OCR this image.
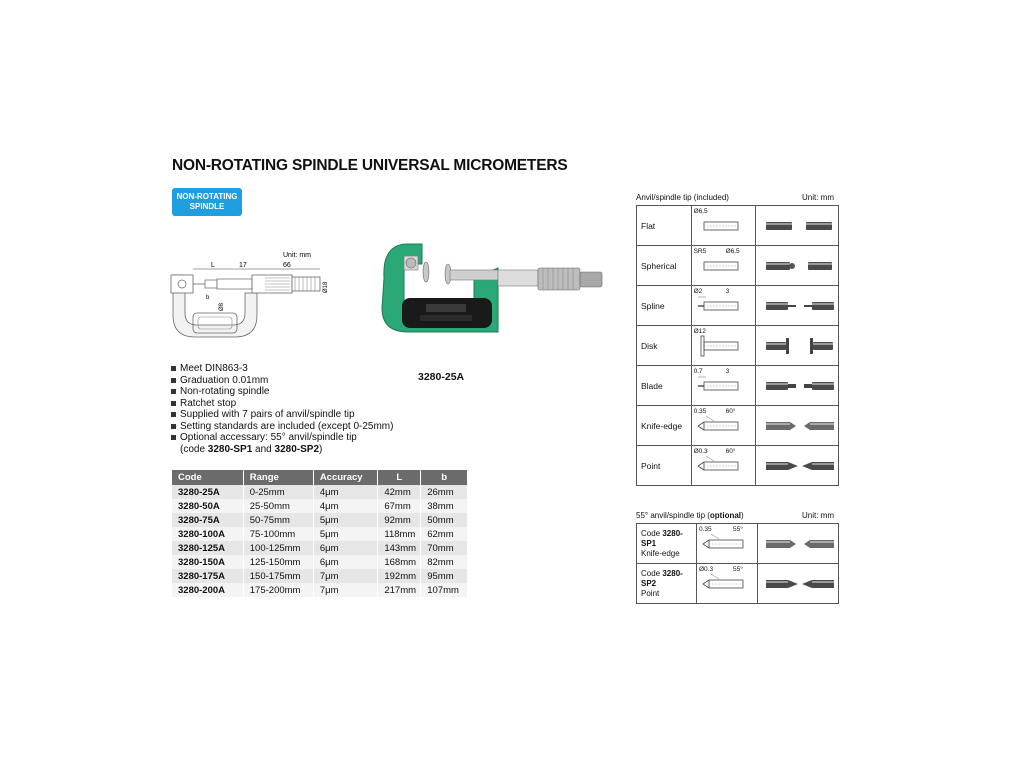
NON-ROTATING SPINDLE UNIVERSAL MICROMETERS
NON-ROTATING
SPINDLE
Unit: mm
L	17	66
Ø8
Ø18
b
3280-25A
Meet DIN863-3
Graduation 0.01mm
Non-rotating spindle
Ratchet stop
Supplied with 7 pairs of anvil/spindle tip
Setting standards are included (except 0-25mm)
Optional accessary: 55° anvil/spindle tip
(code 3280-SP1 and 3280-SP2)
Code	Range	Accuracy	L	b
3280-25A	0-25mm	4μm	42mm	26mm
3280-50A	25-50mm	4μm	67mm	38mm
3280-75A	50-75mm	5μm	92mm	50mm
3280-100A	75-100mm	5μm	118mm	62mm
3280-125A	100-125mm	6μm	143mm	70mm
3280-150A	125-150mm	6μm	168mm	82mm
3280-175A	150-175mm	7μm	192mm	95mm
3280-200A	175-200mm	7μm	217mm	107mm
Anvil/spindle tip (included)	Unit: mm
Flat	Ø6.5

Spherical	SR5 Ø6.5

Spline	Ø2 3

Disk	Ø12

Blade	0.7 3

Knife-edge	0.35 60°

Point	Ø0.3 60°

55° anvil/spindle tip (optional)	Unit: mm
Code 3280-SP1
Knife-edge	0.35 55°

Code 3280-SP2
Point	Ø0.3 55°
